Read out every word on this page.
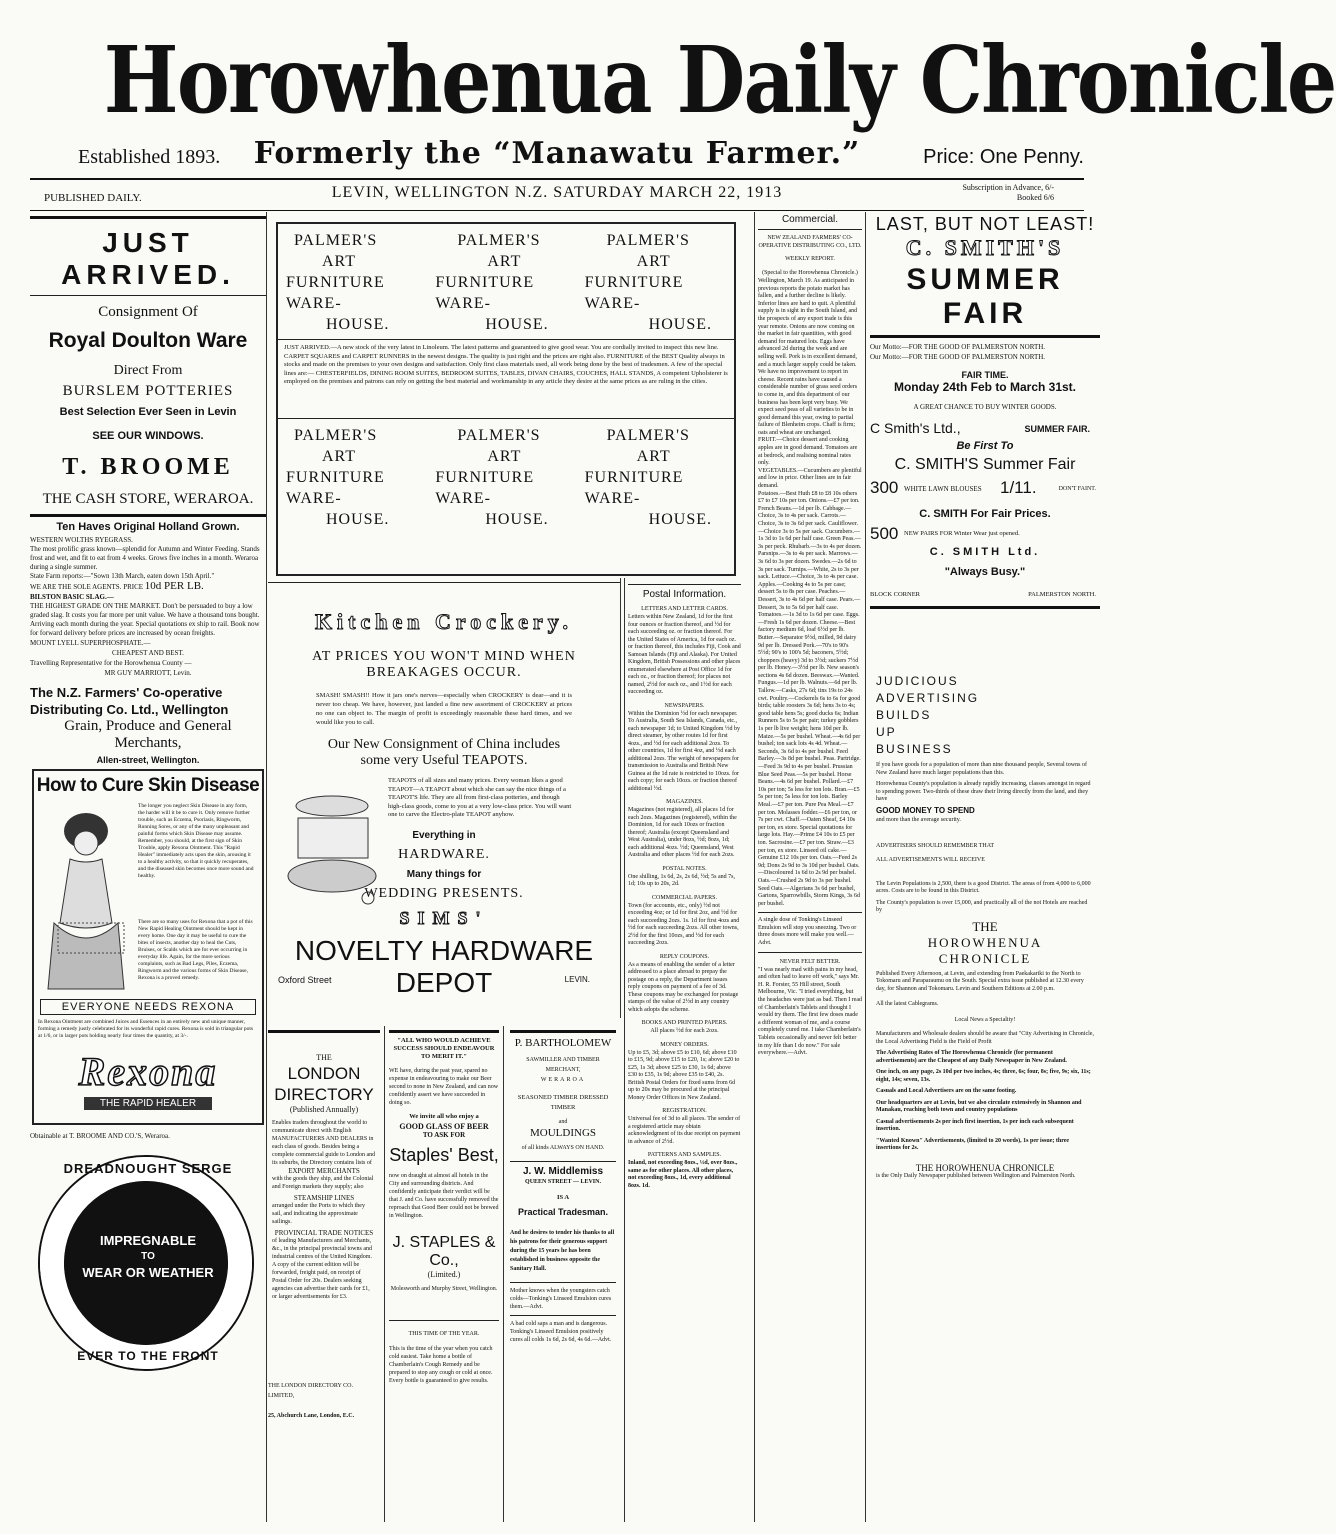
Horowhenua Daily Chronicle
Established 1893.	Formerly the “Manawatu Farmer.”	Price: One Penny.
PUBLISHED DAILY.	LEVIN, WELLINGTON N.Z. SATURDAY MARCH 22, 1913	Subscription in Advance, 6/-
Booked 6/6
JUST ARRIVED.
Consignment Of
Royal Doulton Ware
Direct From
BURSLEM POTTERIES
Best Selection Ever Seen in Levin
SEE OUR WINDOWS.
T. BROOME
THE CASH STORE, WERAROA.
Ten Haves Original Holland Grown.
WESTERN WOLTHS RYEGRASS.

The most prolific grass known—splendid for Autumn and Winter Feeding. Stands frost and wet, and fit to eat from 4 weeks. Grows five inches in a month. Weraroa during a single summer.

State Farm reports:—"Sown 13th March, eaten down 15th April."

WE ARE THE SOLE AGENTS. PRICE 10d PER LB.
BILSTON BASIC SLAG.—

THE HIGHEST GRADE ON THE MARKET. Don't be persuaded to buy a low graded slag. It costs you far more per unit value. We have a thousand tons bought. Arriving each month during the year. Special quotations ex ship to rail. Book now for forward delivery before prices are increased by ocean freights.

MOUNT LYELL SUPERPHOSPHATE.—
CHEAPEST AND BEST.
Travelling Representative for the Horowhenua County —
MR GUY MARRIOTT, Levin.
The N.Z. Farmers' Co-operative
Distributing Co. Ltd., Wellington
Grain, Produce and General
Merchants,
Allen-street, Wellington.
How to Cure Skin Disease

The longer you neglect Skin Disease in any form, the harder will it be to cure it. Only remove further trouble, such as Eczema, Psoriasis, Ringworm, Running Sores, or any of the many unpleasant and painful forms which Skin Disease may assume. Remember, you should, at the first sign of Skin Trouble, apply Rexona Ointment. This "Rapid Healer" immediately acts upon the skin, arousing it to a healthy activity, so that it quickly recuperates, and the diseased skin becomes once more sound and healthy.

There are so many uses for Rexona that a pot of this New Rapid Healing Ointment should be kept in every home. One day it may be useful to cure the bites of insects, another day to heal the Cuts, Bruises, or Scalds which are for ever occurring in everyday life. Again, for the more serious complaints, such as Bad Legs, Piles, Eczema, Ringworm and the various forms of Skin Disease, Rexona is a proved remedy.

EVERYONE NEEDS REXONA

In Rexona Ointment are combined Juices and Essences in an entirely new and unique manner, forming a remedy justly celebrated for its wonderful rapid cures. Rexona is sold in triangular pots at 1/6, or in larger pots holding nearly four times the quantity, at 3/-.

Rexona
THE RAPID HEALER
Obtainable at T. BROOME AND CO.'S, Weraroa.
DREADNOUGHT SERGE
IMPREGNABLE
TO
WEAR OR WEATHER
EVER TO THE FRONT
PALMER'S
ART
FURNITURE
WARE-
HOUSE.
PALMER'S
ART
FURNITURE
WARE-
HOUSE.
PALMER'S
ART
FURNITURE
WARE-
HOUSE.
JUST ARRIVED.—A new stock of the very latest in Linoleum. The latest patterns and guaranteed to give good wear. You are cordially invited to inspect this new line. CARPET SQUARES and CARPET RUNNERS in the newest designs. The quality is just right and the prices are right also. FURNITURE of the BEST Quality always in stocks and made on the premises to your own designs and satisfaction. Only first class materials used, all work being done by the best of tradesmen. A few of the special lines are:— CHESTERFIELDS, DINING ROOM SUITES, BEDROOM SUITES, TABLES, DIVAN CHAIRS, COUCHES, HALL STANDS, A competent Upholsterer is employed on the premises and patrons can rely on getting the best material and workmanship in any article they desire at the same prices as are ruling in the cities.
PALMER'S
ART
FURNITURE
WARE-
HOUSE.
PALMER'S
ART
FURNITURE
WARE-
HOUSE.
PALMER'S
ART
FURNITURE
WARE-
HOUSE.
Kitchen Crockery.
AT PRICES YOU WON'T MIND WHEN
BREAKAGES OCCUR.

SMASH! SMASH!! How it jars one's nerves—especially when CROCKERY is dear—and it is never too cheap. We have, however, just landed a fine new assortment of CROCKERY at prices no one can object to. The margin of profit is exceedingly reasonable these hard times, and we would like you to call.

Our New Consignment of China includes
some very Useful TEAPOTS.

TEAPOTS of all sizes and many prices. Every woman likes a good TEAPOT—A TEAPOT about which she can say the nice things of a TEAPOT'S life. They are all from first-class potteries, and though high-class goods, come to you at a very low-class price. You will want one to carve the Electro-plate TEAPOT anyhow.

Everything in
HARDWARE.
Many things for
WEDDING PRESENTS.
SIMS'
NOVELTY HARDWARE
Oxford Street	DEPOT	LEVIN.
THE
LONDON
DIRECTORY
(Published Annually)

Enables traders throughout the world to communicate direct with English MANUFACTURERS AND DEALERS in each class of goods. Besides being a complete commercial guide to London and its suburbs, the Directory contains lists of

EXPORT MERCHANTS

with the goods they ship, and the Colonial and Foreign markets they supply; also

STEAMSHIP LINES

arranged under the Ports to which they sail, and indicating the approximate sailings.

PROVINCIAL TRADE NOTICES

of leading Manufacturers and Merchants, &c., in the principal provincial towns and industrial centres of the United Kingdom. A copy of the current edition will be forwarded, freight paid, on receipt of Postal Order for 20s. Dealers seeking agencies can advertise their cards for £1, or larger advertisements for £3.

THE LONDON DIRECTORY CO. LIMITED,
25, Abchurch Lane, London, E.C.
"ALL WHO WOULD ACHIEVE SUCCESS SHOULD ENDEAVOUR TO MERIT IT."

WE have, during the past year, spared no expense in endeavouring to make our Beer second to none in New Zealand, and can now confidently assert we have succeeded in doing so.

We invite all who enjoy a
GOOD GLASS OF BEER
TO ASK FOR
Staples' Best,

now on draught at almost all hotels in the City and surrounding districts. And confidently anticipate their verdict will be that J. and Co. have successfully removed the reproach that Good Beer could not be brewed in Wellington.

J. STAPLES & Co.,
(Limited.)
Molesworth and Murphy Street, Wellington.
THIS TIME OF THE YEAR.

This is the time of the year when you catch cold easiest. Take home a bottle of Chamberlain's Cough Remedy and be prepared to stop any cough or cold at once. Every bottle is guaranteed to give results.

P. BARTHOLOMEW
SAWMILLER AND TIMBER MERCHANT,
WERAROA
SEASONED TIMBER DRESSED TIMBER
and
MOULDINGS
of all kinds ALWAYS ON HAND.
J. W. Middlemiss
QUEEN STREET — LEVIN.
IS A
Practical Tradesman.

And he desires to tender his thanks to all his patrons for their generous support during the 15 years he has been established in business opposite the Sanitary Hall.

Mother knows when the youngsters catch colds—Tonking's Linseed Emulsion cures them.—Advt.

A bad cold saps a man and is dangerous. Tonking's Linseed Emulsion positively cures all colds 1s 6d, 2s 6d, 4s 6d.—Advt.

Postal Information.
LETTERS AND LETTER CARDS.

Letters within New Zealand, 1d for the first four ounces or fraction thereof, and ½d for each succeeding oz. or fraction thereof. For the United States of America, 1d for each oz. or fraction thereof, this includes Fiji, Cook and Samoan Islands (Fiji and Alaska). For United Kingdom, British Possessions and other places enumerated elsewhere at Post Office 1d for each oz., or fraction thereof; for places not named, 2½d for each oz., and 1½d for each succeeding oz.

NEWSPAPERS.

Within the Dominion ½d for each newspaper. To Australia, South Sea Islands, Canada, etc., each newspaper 1d; to United Kingdom ½d by direct steamer, by other routes 1d for first 4ozs., and ½d for each additional 2ozs. To other countries, 1d for first 4oz, and ½d each additional 2ozs. The weight of newspapers for transmission to Australia and British New Guinea at the 1d rate is restricted to 10ozs. for each copy; for each 10ozs. or fraction thereof additional ½d.

MAGAZINES.

Magazines (not registered), all places 1d for each 2ozs. Magazines (registered), within the Dominion, 1d for each 10ozs or fraction thereof; Australia (except Queensland and West Australia), under 8ozs, ½d; 8ozs, 1d; each additional 4ozs. ½d; Queensland, West Australia and other places ½d for each 2ozs.

POSTAL NOTES.

One shilling, 1s 6d, 2s, 2s 6d, ½d; 5s and 7s, 1d; 10s up to 20s, 2d.

COMMERCIAL PAPERS.

Town (for accounts, etc., only) ½d not exceeding 4oz; or 1d for first 2oz, and ½d for each succeeding 2ozs. 1s. 1d for first 4ozs and ½d for each succeeding 2ozs. All other towns, 2½d for the first 10ozs, and ½d for each succeeding 2ozs.

REPLY COUPONS.

As a means of enabling the sender of a letter addressed to a place abroad to prepay the postage on a reply, the Department issues reply coupons on payment of a fee of 3d. These coupons may be exchanged for postage stamps of the value of 2½d in any country which adopts the scheme.

BOOKS AND PRINTED PAPERS.

All places ½d for each 2ozs.

MONEY ORDERS.

Up to £5, 3d; above £5 to £10, 6d; above £10 to £15, 9d; above £15 to £20, 1s; above £20 to £25, 1s 3d; above £25 to £30, 1s 6d; above £30 to £35, 1s 9d; above £35 to £40, 2s. British Postal Orders for fixed sums from 6d up to 20s may be procured at the principal Money Order Offices in New Zealand.

REGISTRATION.

Universal fee of 3d to all places. The sender of a registered article may obtain acknowledgment of its due receipt on payment in advance of 2½d.

PATTERNS AND SAMPLES.

Inland, not exceeding 8ozs., ½d, over 8ozs., same as for other places. All other places, not exceeding 8ozs., 1d, every additional 8ozs. 1d.

Commercial.
NEW ZEALAND FARMERS' CO-OPERATIVE DISTRIBUTING CO., LTD.
WEEKLY REPORT.
(Special to the Horowhenua Chronicle.)

Wellington, March 19. As anticipated in previous reports the potato market has fallen, and a further decline is likely. Inferior lines are hard to quit. A plentiful supply is in sight in the South Island, and the prospects of any export trade is this year remote. Onions are now coming on the market in fair quantities, with good demand for matured lots. Eggs have advanced 2d during the week and are selling well. Pork is in excellent demand, and a much larger supply could be taken. We have no improvement to report in cheese. Recent rains have caused a considerable number of grass seed orders to come in, and this department of our business has been kept very busy. We expect seed peas of all varieties to be in good demand this year, owing to partial failure of Blenheim crops. Chaff is firm; oats and wheat are unchanged.

FRUIT.—Choice dessert and cooking apples are in good demand. Tomatoes are at bedrock, and realising nominal rates only.

VEGETABLES.—Cucumbers are plentiful and low in price. Other lines are in fair demand.

Potatoes.—Best Huth £8 to £8 10s others £7 to £7 10s per ton. Onions.—£7 per ton. French Beans.—1d per lb. Cabbage.—Choice, 3s to 4s per sack. Carrots.—Choice, 3s to 3s 6d per sack. Cauliflower.—Choice 3s to 5s per sack. Cucumbers.—1s 3d to 1s 6d per half case. Green Peas.—3s per peck. Rhubarb.—3s to 4s per dozen. Parsnips.—3s to 4s per sack. Marrows.—3s 6d to 3s per dozen. Swedes.—2s 6d to 3s per sack. Turnips.—White, 2s to 3s per sack. Lettuce.—Choice, 3s to 4s per case. Apples.—Cooking 4s to 5s per case; dessert 5s to 8s per case. Peaches.—Dessert, 3s to 4s 6d per half case. Pears.—Dessert, 3s to 5s 6d per half case. Tomatoes.—1s 3d to 1s 6d per case. Eggs.—Fresh 1s 6d per dozen. Cheese.—Best factory medium 6d, loaf 6½d per lb. Butter.—Separator 9½d, milled, 9d dairy 9d per lb. Dressed Pork.—70's to 90's 5½d; 90's to 100's 5d; baconers, 5½d; choppers (heavy) 3d to 3½d; suckers 7½d per lb. Honey.—3½d per lb. New season's sections 4s 6d dozen. Beeswax.—Wanted. Fungus.—1d per lb. Walnuts.—6d per lb. Tallow.—Casks, 27s 6d; tins 19s to 24s cwt. Poultry.—Cockerels 6s to 6s for good birds; table roosters 3s 6d; hens 3s to 4s; good table hens 5s; good ducks 6s; Indian Runners 5s to 5s per pair; turkey gobblers 1s per lb live weight; hens 10d per lb. Maize.—5s per bushel. Wheat.—4s 6d per bushel; ton sack lots 4s 4d. Wheat.—Seconds, 3s 6d to 4s per bushel. Feed Barley.—3s 8d per bushel. Peas. Partridge.—Feed 3s 9d to 4s per bushel. Prussian Blue Seed Peas.—5s per bushel. Horse Beans.—4s 6d per bushel. Pollard.—£7 10s per ton; 5s less for ton lots. Bran.—£5 5s per ton; 5s less for ton lots. Barley Meal.—£7 per ton. Pure Pea Meal.—£7 per ton. Molasses fodder.—£6 per ton, or 7s per cwt. Chaff.—Oaten Sheaf, £4 10s per ton, ex store. Special quotations for large lots. Hay.—Prime £4 10s to £5 per ton. Sacrosine.—£7 per ton. Straw.—£3 per ton, ex store. Linseed oil cake.—Genuine £12 10s per ton. Oats.—Feed 2s 9d; Dons 2s 9d to 3s 10d per bushel. Oats.—Discoloured 1s 6d to 2s 9d per bushel. Oats.—Crushed 2s 9d to 3s per bushel. Seed Oats.—Algerians 3s 6d per bushel, Gartons, Sparrowbills, Storm Kings, 3s 6d per bushel.

A single dose of Tonking's Linseed Emulsion will stop you sneezing. Two or three doses more will make you well.—Advt.

NEVER FELT BETTER.

"I was nearly mad with pains in my head, and often had to leave off work," says Mr. H. R. Forster, 55 Hill street, South Melbourne, Vic. "I tried everything, but the headaches were just as bad. Then I read of Chamberlain's Tablets and thought I would try them. The first few doses made a different woman of me, and a course completely cured me. I take Chamberlain's Tablets occasionally and never felt better in my life than I do now." For sale everywhere.—Advt.

LAST, BUT NOT LEAST!
C. SMITH'S
SUMMER FAIR
Our Motto:—FOR THE GOOD OF PALMERSTON NORTH.
Our Motto:—FOR THE GOOD OF PALMERSTON NORTH.
FAIR TIME.
Monday 24th Feb to March 31st.
A GREAT CHANCE TO BUY WINTER GOODS.
C Smith's Ltd.,	SUMMER FAIR.
Be First To
C. SMITH'S Summer Fair
300 WHITE LAWN BLOUSES 1/11.	DON'T FAINT.
C. SMITH For Fair Prices.
500 NEW PAIRS FOR Winter Wear just opened.
C. SMITH Ltd.
"Always Busy."
BLOCK CORNER	PALMERSTON NORTH.
JUDICIOUS
ADVERTISING
BUILDS
UP
BUSINESS

If you have goods for a population of more than nine thousand people, Several towns of New Zealand have much larger populations than this.

Horowhenua County's population is already rapidly increasing, classes amongst in regard to spending power. Two-thirds of these draw their living directly from the land, and they have

GOOD MONEY TO SPEND
and more than the average security.
ADVERTISERS SHOULD REMEMBER THAT
ALL ADVERTISEMENTS WILL RECEIVE

The Levin Populations is 2,500, there is a good District. The areas of from 4,000 to 6,000 acres. Costs are to be found in this District.

The County's population is over 15,000, and practically all of the not Hotels are reached by

THE
HOROWHENUA
CHRONICLE

Published Every Afternoon, at Levin, and extending from Paekakariki to the North to Tokomaru and Paraparaumu on the South. Special extra issue published at 12.30 every day, for Shannon and Tokomaru. Levin and Southern Editions at 2.00 p.m.

All the latest Cablegrams.
Local News a Speciality!

Manufacturers and Wholesale dealers should be aware that "City Advertising in Chronicle, the Local Advertising Field is the Field of Profit

The Advertising Rates of The Horowhenua Chronicle (for permanent advertisements) are the Cheapest of any Daily Newspaper in New Zealand.

One inch, on any page, 2s 10d per two inches, 4s; three, 6s; four, 8s; five, 9s; six, 11s; eight, 14s; seven, 13s.

Casuals and Local Advertisers are on the same footing.

Our headquarters are at Levin, but we also circulate extensively in Shannon and Manakau, reaching both town and country populations

Casual advertisements 2s per inch first insertion, 1s per inch each subsequent insertion.

"Wanted Known" Advertisements, (limited to 20 words), 1s per issue; three insertions for 2s.

THE HOROWHENUA CHRONICLE

is the Only Daily Newspaper published between Wellington and Palmerston North.
